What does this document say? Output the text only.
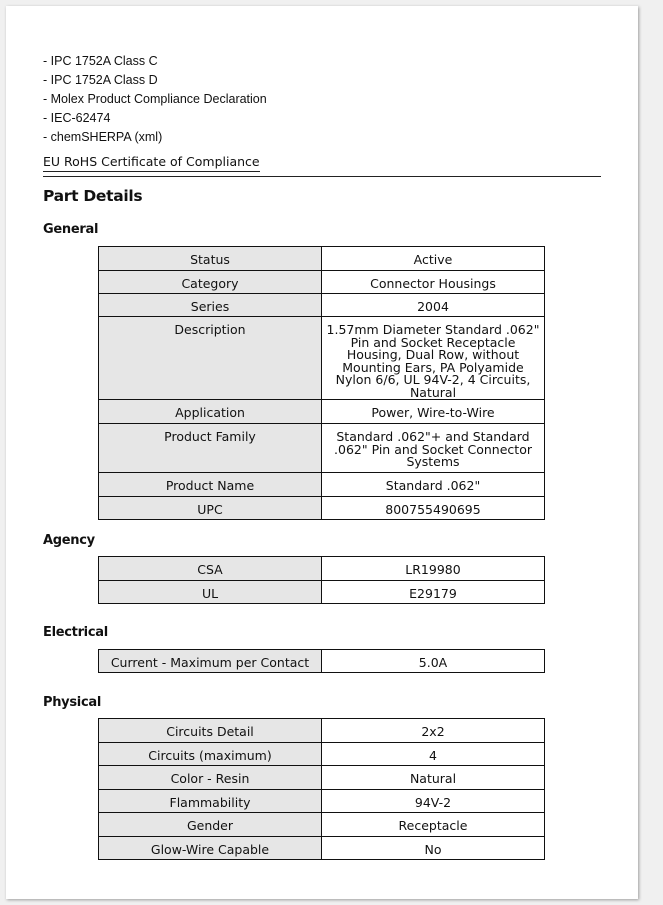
- IPC 1752A Class C
- IPC 1752A Class D
- Molex Product Compliance Declaration
- IEC-62474
- chemSHERPA (xml)
EU RoHS Certificate of Compliance
Part Details
General
Status	Active
Category	Connector Housings
Series	2004
Description	1.57mm Diameter Standard .062" Pin and Socket Receptacle Housing, Dual Row, without Mounting Ears, PA Polyamide Nylon 6/6, UL 94V-2, 4 Circuits, Natural
Application	Power, Wire-to-Wire
Product Family	Standard .062"+ and Standard .062" Pin and Socket Connector Systems
Product Name	Standard .062"
UPC	800755490695
Agency
CSA	LR19980
UL	E29179
Electrical
Current - Maximum per Contact	5.0A
Physical
Circuits Detail	2x2
Circuits (maximum)	4
Color - Resin	Natural
Flammability	94V-2
Gender	Receptacle
Glow-Wire Capable	No
